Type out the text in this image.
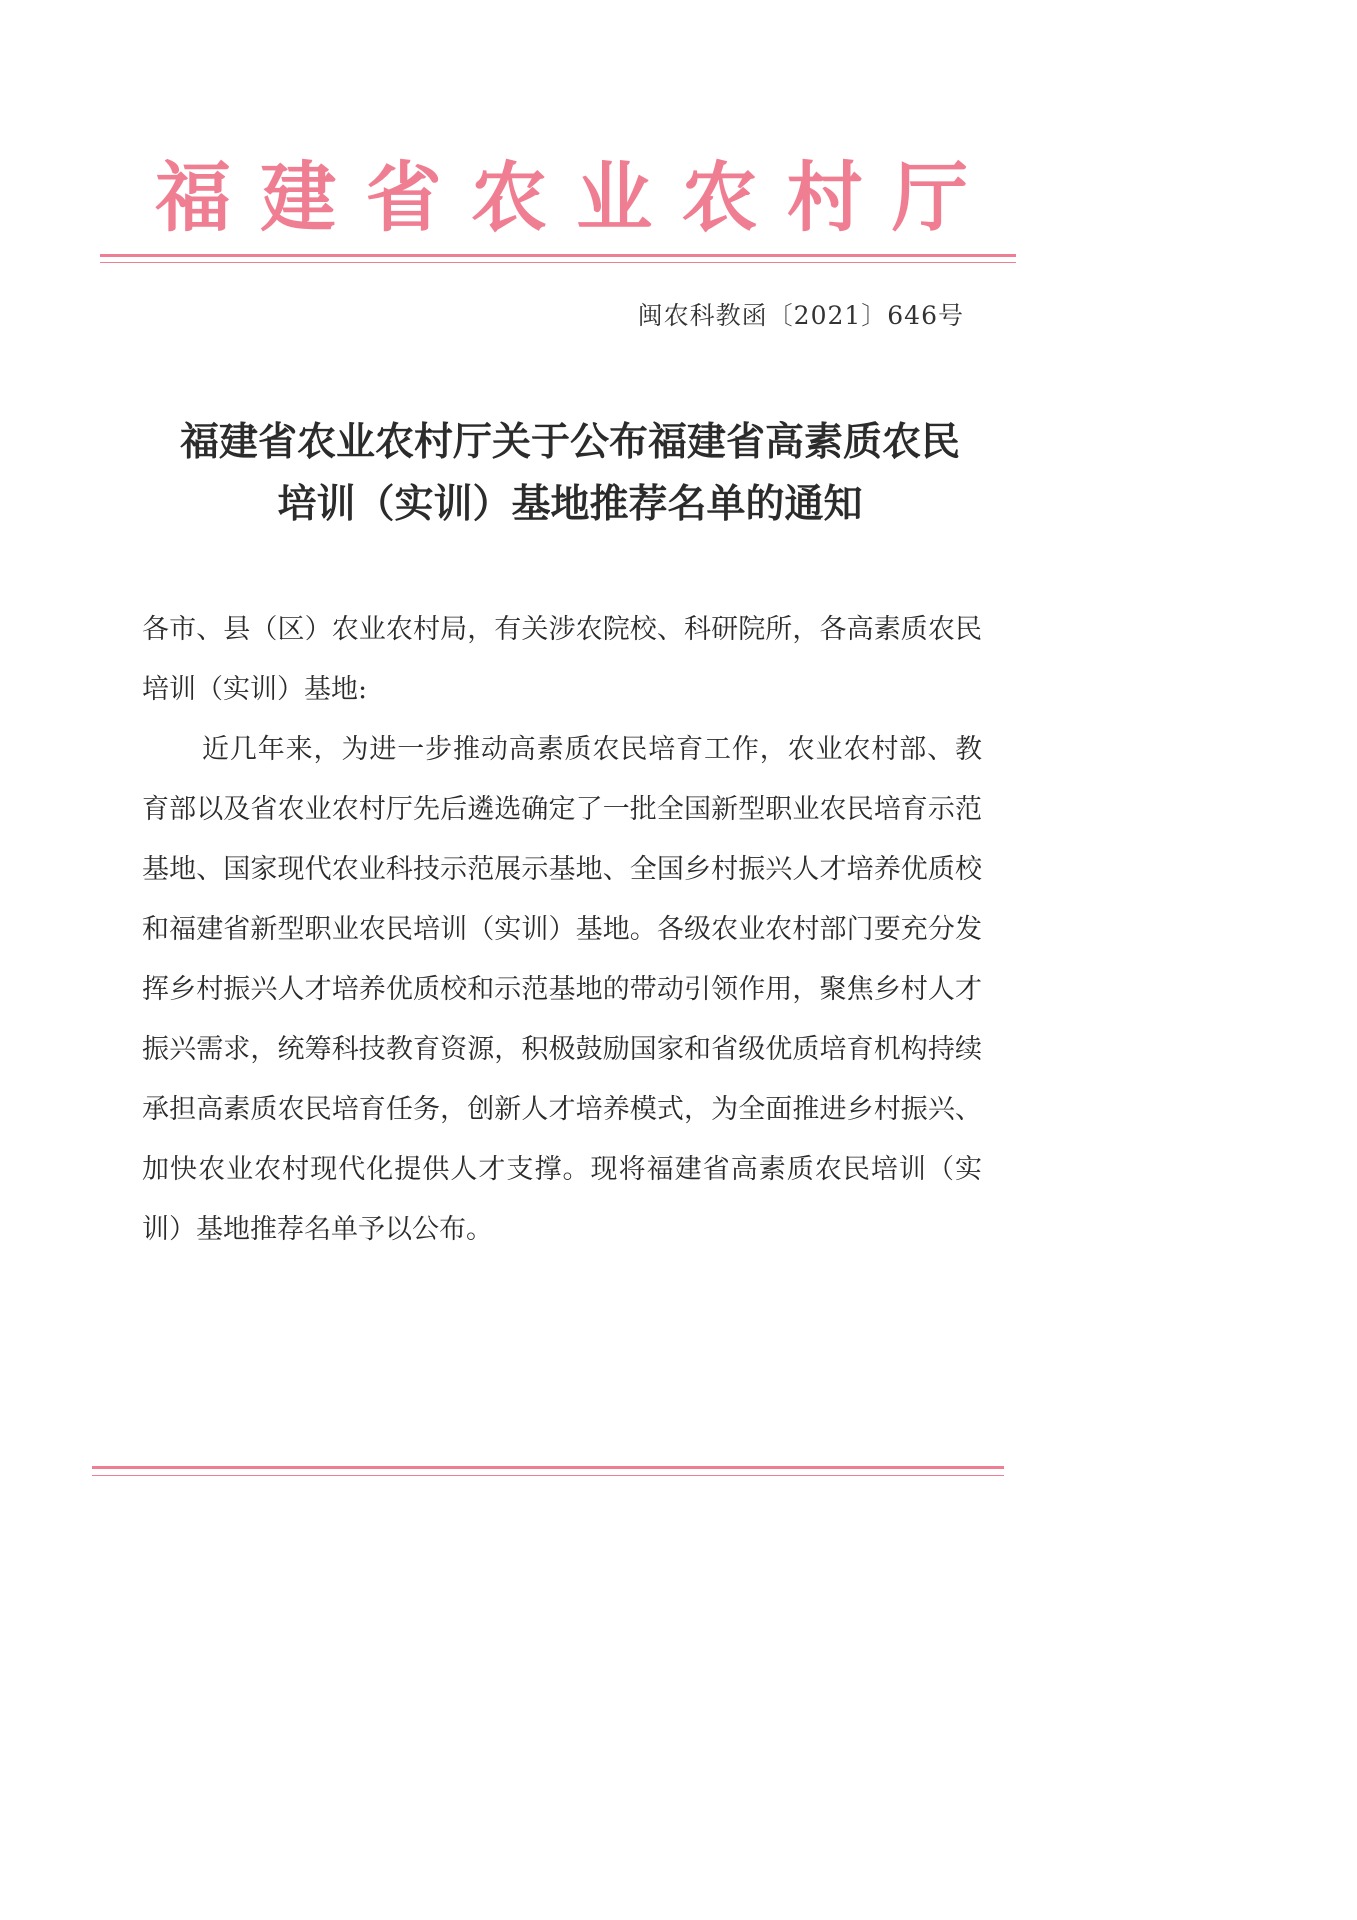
福 建 省 农 业 农 村 厅
闽农科教函〔2021〕646号
福建省农业农村厅关于公布福建省高素质农民
培训（实训）基地推荐名单的通知

各市、县（区）农业农村局，有关涉农院校、科研院所，各高素质农民培训（实训）基地:

近几年来，为进一步推动高素质农民培育工作，农业农村部、教育部以及省农业农村厅先后遴选确定了一批全国新型职业农民培育示范基地、国家现代农业科技示范展示基地、全国乡村振兴人才培养优质校和福建省新型职业农民培训（实训）基地。各级农业农村部门要充分发挥乡村振兴人才培养优质校和示范基地的带动引领作用，聚焦乡村人才振兴需求，统筹科技教育资源，积极鼓励国家和省级优质培育机构持续承担高素质农民培育任务，创新人才培养模式，为全面推进乡村振兴、加快农业农村现代化提供人才支撑。现将福建省高素质农民培训（实训）基地推荐名单予以公布。
